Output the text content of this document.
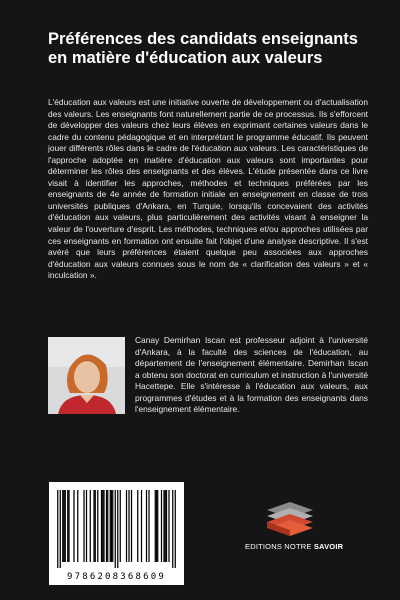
Préférences des candidats enseignants en matière d'éducation aux valeurs

L'éducation aux valeurs est une initiative ouverte de développement ou d'actualisation des valeurs. Les enseignants font naturellement partie de ce processus. Ils s'efforcent de développer des valeurs chez leurs élèves en exprimant certaines valeurs dans le cadre du contenu pédagogique et en interprétant le programme éducatif. Ils peuvent jouer différents rôles dans le cadre de l'éducation aux valeurs. Les caractéristiques de l'approche adoptée en matière d'éducation aux valeurs sont importantes pour déterminer les rôles des enseignants et des élèves. L'étude présentée dans ce livre visait à identifier les approches, méthodes et techniques préférées par les enseignants de 4e année de formation initiale en enseignement en classe de trois universités publiques d'Ankara, en Turquie, lorsqu'ils concevaient des activités d'éducation aux valeurs, plus particulièrement des activités visant à enseigner la valeur de l'ouverture d'esprit. Les méthodes, techniques et/ou approches utilisées par ces enseignants en formation ont ensuite fait l'objet d'une analyse descriptive. Il s'est avéré que leurs préférences étaient quelque peu associées aux approches d'éducation aux valeurs connues sous le nom de « clarification des valeurs » et « inculcation ».

Canay Demirhan Iscan est professeur adjoint à l'université d'Ankara, à la faculté des sciences de l'éducation, au département de l'enseignement élémentaire. Demirhan Iscan a obtenu son doctorat en curriculum et instruction à l'université Hacettepe. Elle s'intéresse à l'éducation aux valeurs, aux programmes d'études et à la formation des enseignants dans l'enseignement élémentaire.

9786208368609
EDITIONS NOTRE SAVOIR
